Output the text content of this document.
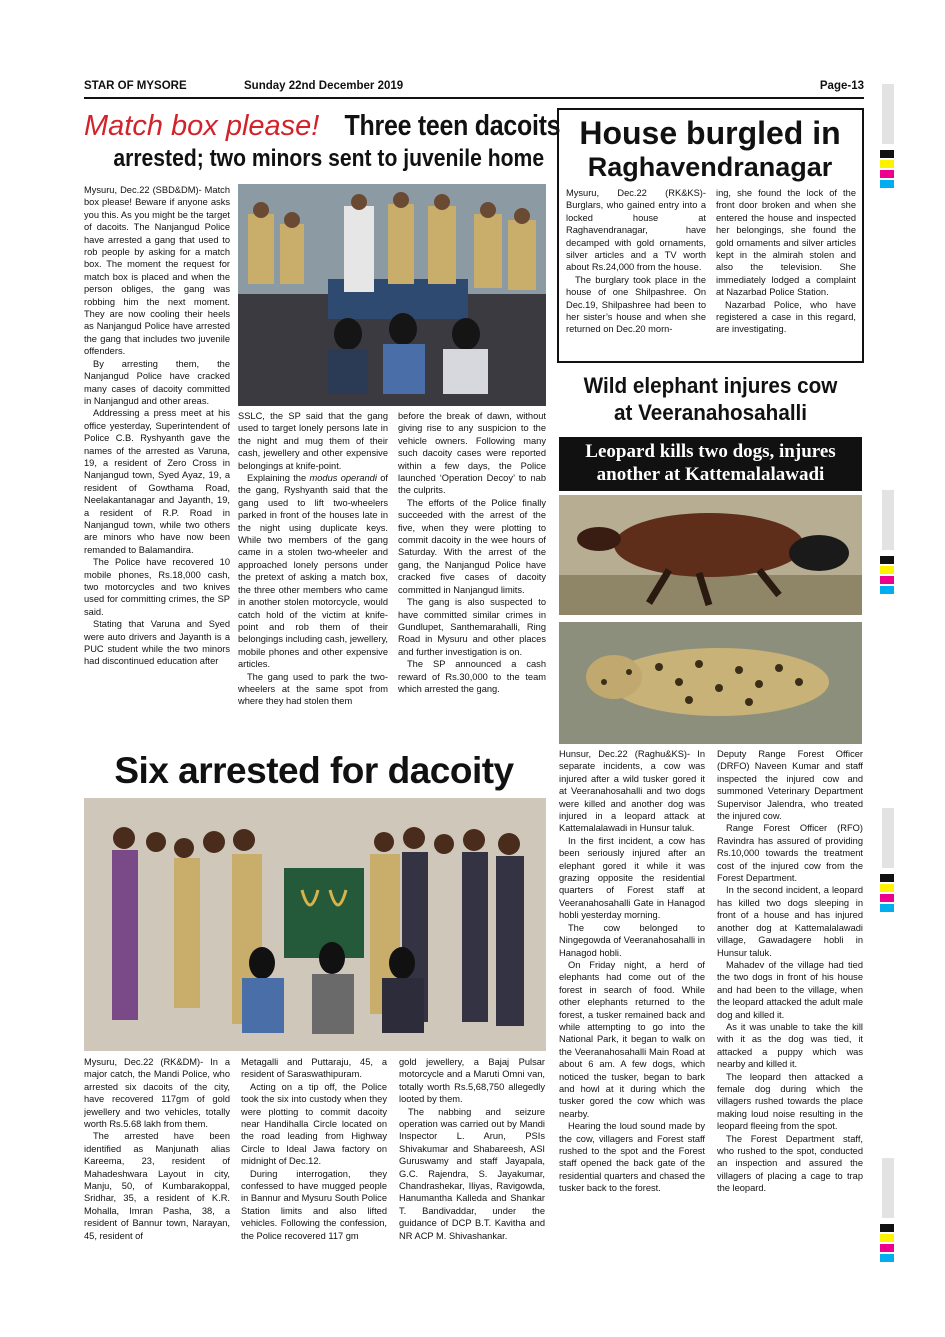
STAR OF MYSORE	Sunday 22nd December 2019	Page-13
Match box please! Three teen dacoits
arrested; two minors sent to juvenile home

Mysuru, Dec.22 (SBD&DM)- Match box please! Beware if anyone asks you this. As you might be the target of dacoits. The Nanjangud Police have arrested a gang that used to rob people by asking for a match box. The moment the request for match box is placed and when the person obliges, the gang was robbing him the next moment. They are now cooling their heels as Nanjangud Police have arrested the gang that includes two juvenile offenders.

By arresting them, the Nanjangud Police have cracked many cases of dacoity committed in Nanjangud and other areas.

Addressing a press meet at his office yesterday, Superintendent of Police C.B. Ryshyanth gave the names of the arrested as Varuna, 19, a resident of Zero Cross in Nanjangud town, Syed Ayaz, 19, a resident of Gowthama Road, Neelakantanagar and Jayanth, 19, a resident of R.P. Road in Nanjangud town, while two others are minors who have now been remanded to Balamandira.

The Police have recovered 10 mobile phones, Rs.18,000 cash, two motorcycles and two knives used for committing crimes, the SP said.

Stating that Varuna and Syed were auto drivers and Jayanth is a PUC student while the two minors had discontinued education after

SSLC, the SP said that the gang used to target lonely persons late in the night and mug them of their cash, jewellery and other expensive belongings at knife-point.

Explaining the modus operandi of the gang, Ryshyanth said that the gang used to lift two-wheelers parked in front of the houses late in the night using duplicate keys. While two members of the gang came in a stolen two-wheeler and approached lonely persons under the pretext of asking a match box, the three other members who came in another stolen motorcycle, would catch hold of the victim at knife-point and rob them of their belongings including cash, jewellery, mobile phones and other expensive articles.

The gang used to park the two-wheelers at the same spot from where they had stolen them

before the break of dawn, without giving rise to any suspicion to the vehicle owners. Following many such dacoity cases were reported within a few days, the Police launched ‘Operation Decoy’ to nab the culprits.

The efforts of the Police finally succeeded with the arrest of the five, when they were plotting to commit dacoity in the wee hours of Saturday. With the arrest of the gang, the Nanjangud Police have cracked five cases of dacoity committed in Nanjangud limits.

The gang is also suspected to have committed similar crimes in Gundlupet, Santhemarahalli, Ring Road in Mysuru and other places and further investigation is on.

The SP announced a cash reward of Rs.30,000 to the team which arrested the gang.

House burgled in
Raghavendranagar

Mysuru, Dec.22 (RK&KS)- Burglars, who gained entry into a locked house at Raghavendranagar, have decamped with gold ornaments, silver articles and a TV worth about Rs.24,000 from the house.

The burglary took place in the house of one Shilpashree. On Dec.19, Shilpashree had been to her sister’s house and when she returned on Dec.20 morn-

ing, she found the lock of the front door broken and when she entered the house and inspected her belongings, she found the gold ornaments and silver articles kept in the almirah stolen and also the television. She immediately lodged a complaint at Nazarbad Police Station.

Nazarbad Police, who have registered a case in this regard, are investigating.

Wild elephant injures cow
at Veeranahosahalli
Leopard kills two dogs, injures
another at Kattemalalawadi

Hunsur, Dec.22 (Raghu&KS)- In separate incidents, a cow was injured after a wild tusker gored it at Veeranahosahalli and two dogs were killed and another dog was injured in a leopard attack at Kattemalalawadi in Hunsur taluk.

In the first incident, a cow has been seriously injured after an elephant gored it while it was grazing opposite the residential quarters of Forest staff at Veeranahosahalli Gate in Hanagod hobli yesterday morning.

The cow belonged to Ningegowda of Veeranahosahalli in Hanagod hobli.

On Friday night, a herd of elephants had come out of the forest in search of food. While other elephants returned to the forest, a tusker remained back and while attempting to go into the National Park, it began to walk on the Veeranahosahalli Main Road at about 6 am. A few dogs, which noticed the tusker, began to bark and howl at it during which the tusker gored the cow which was nearby.

Hearing the loud sound made by the cow, villagers and Forest staff rushed to the spot and the Forest staff opened the back gate of the residential quarters and chased the tusker back to the forest.

Deputy Range Forest Officer (DRFO) Naveen Kumar and staff inspected the injured cow and summoned Veterinary Department Supervisor Jalendra, who treated the injured cow.

Range Forest Officer (RFO) Ravindra has assured of providing Rs.10,000 towards the treatment cost of the injured cow from the Forest Department.

In the second incident, a leopard has killed two dogs sleeping in front of a house and has injured another dog at Kattemalalawadi village, Gawadagere hobli in Hunsur taluk.

Mahadev of the village had tied the two dogs in front of his house and had been to the village, when the leopard attacked the adult male dog and killed it.

As it was unable to take the kill with it as the dog was tied, it attacked a puppy which was nearby and killed it.

The leopard then attacked a female dog during which the villagers rushed towards the place making loud noise resulting in the leopard fleeing from the spot.

The Forest Department staff, who rushed to the spot, conducted an inspection and assured the villagers of placing a cage to trap the leopard.

Six arrested for dacoity

Mysuru, Dec.22 (RK&DM)- In a major catch, the Mandi Police, who arrested six dacoits of the city, have recovered 117gm of gold jewellery and two vehicles, totally worth Rs.5.68 lakh from them.

The arrested have been identified as Manjunath alias Kareema, 23, resident of Mahadeshwara Layout in city, Manju, 50, of Kumbarakoppal, Sridhar, 35, a resident of K.R. Mohalla, Imran Pasha, 38, a resident of Bannur town, Narayan, 45, resident of

Metagalli and Puttaraju, 45, a resident of Saraswathipuram.

Acting on a tip off, the Police took the six into custody when they were plotting to commit dacoity near Handihalla Circle located on the road leading from Highway Circle to Ideal Jawa factory on midnight of Dec.12.

During interrogation, they confessed to have mugged people in Bannur and Mysuru South Police Station limits and also lifted vehicles. Following the confession, the Police recovered 117 gm

gold jewellery, a Bajaj Pulsar motorcycle and a Maruti Omni van, totally worth Rs.5,68,750 allegedly looted by them.

The nabbing and seizure operation was carried out by Mandi Inspector L. Arun, PSIs Shivakumar and Shabareesh, ASI Guruswamy and staff Jayapala, G.C. Rajendra, S. Jayakumar, Chandrashekar, Iliyas, Ravigowda, Hanumantha Kalleda and Shankar T. Bandivaddar, under the guidance of DCP B.T. Kavitha and NR ACP M. Shivashankar.
